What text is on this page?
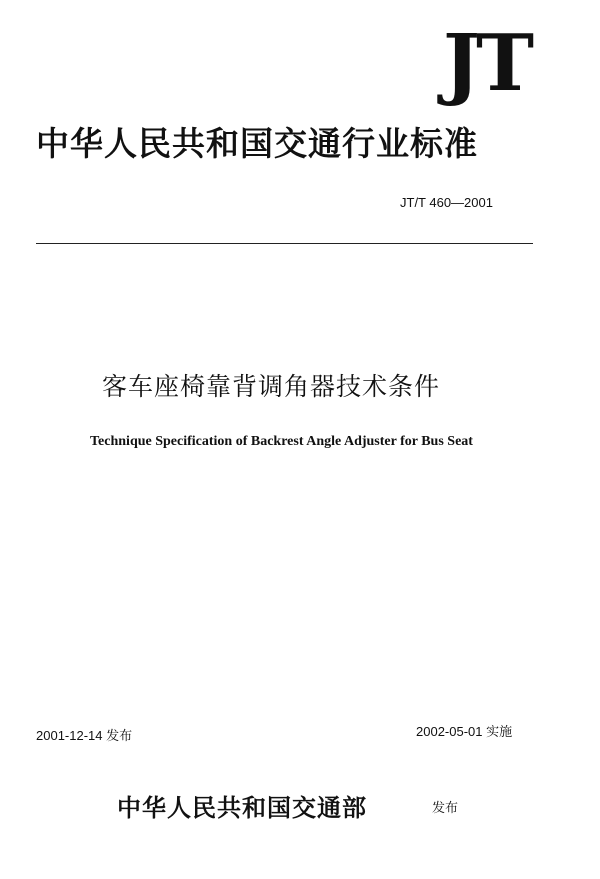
JT
中华人民共和国交通行业标准
JT/T 460—2001
客车座椅靠背调角器技术条件
Technique Specification of Backrest Angle Adjuster for Bus Seat
2001-12-14 发布	2002-05-01 实施
中华人民共和国交通部	发布
